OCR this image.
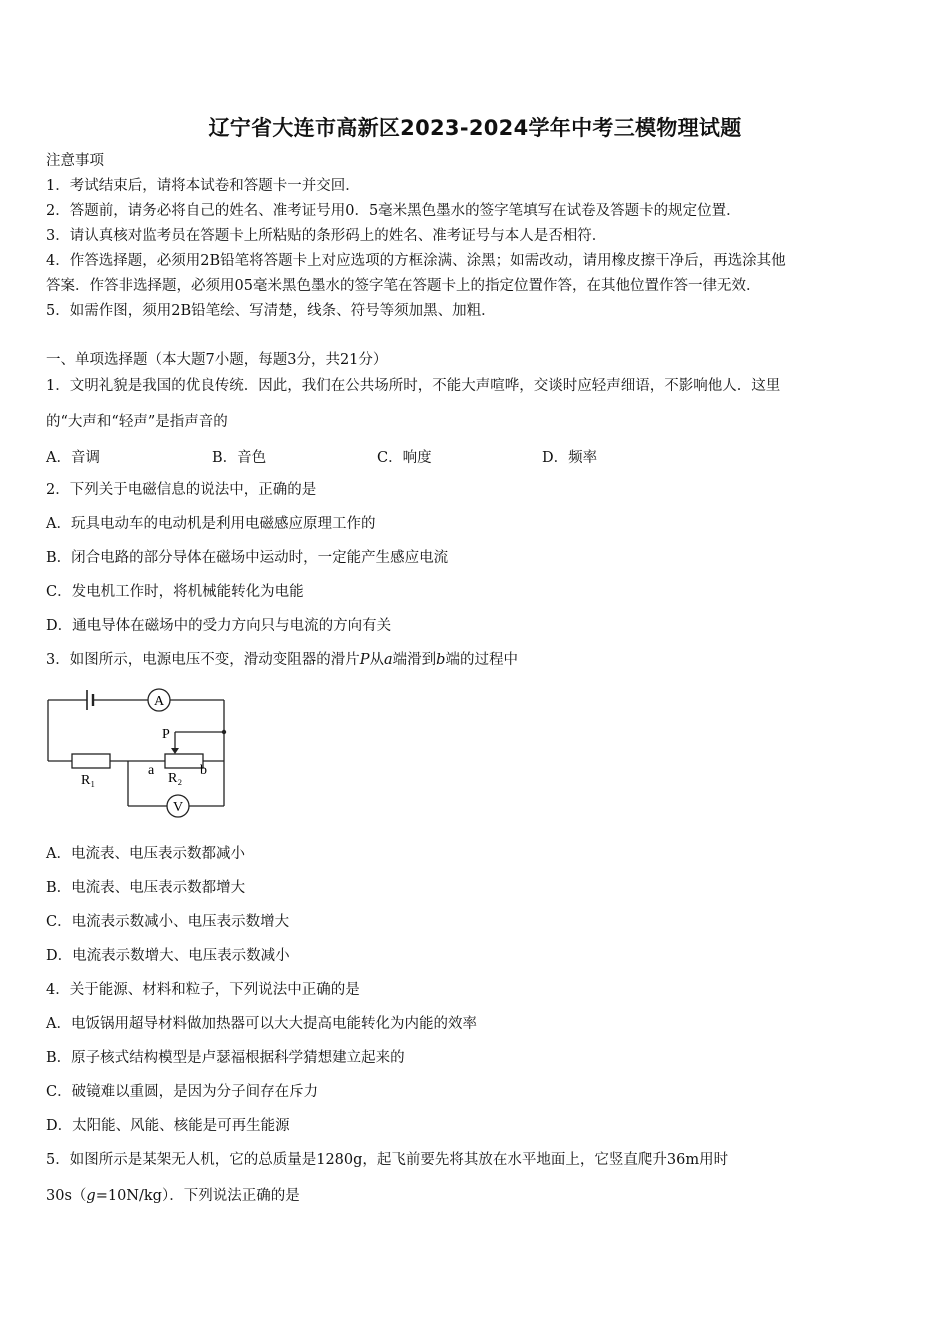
辽宁省大连市高新区2023-2024学年中考三模物理试题
注意事项
1．考试结束后，请将本试卷和答题卡一并交回．
2．答题前，请务必将自己的姓名、准考证号用0．5毫米黑色墨水的签字笔填写在试卷及答题卡的规定位置．
3．请认真核对监考员在答题卡上所粘贴的条形码上的姓名、准考证号与本人是否相符．
4．作答选择题，必须用2B铅笔将答题卡上对应选项的方框涂满、涂黑；如需改动，请用橡皮擦干净后，再选涂其他
答案．作答非选择题，必须用05毫米黑色墨水的签字笔在答题卡上的指定位置作答，在其他位置作答一律无效．
5．如需作图，须用2B铅笔绘、写清楚，线条、符号等须加黑、加粗．
一、单项选择题（本大题7小题，每题3分，共21分）
1．文明礼貌是我国的优良传统．因此，我们在公共场所时，不能大声喧哗，交谈时应轻声细语，不影响他人．这里
的“大声和“轻声”是指声音的
A．音调	B．音色	C．响度	D．频率
2．下列关于电磁信息的说法中，正确的是
A．玩具电动车的电动机是利用电磁感应原理工作的
B．闭合电路的部分导体在磁场中运动时，一定能产生感应电流
C．发电机工作时，将机械能转化为电能
D．通电导体在磁场中的受力方向只与电流的方向有关
3．如图所示，电源电压不变，滑动变阻器的滑片P从a端滑到b端的过程中
A
V
P
R₁	R₂
a	b
A．电流表、电压表示数都减小
B．电流表、电压表示数都增大
C．电流表示数减小、电压表示数增大
D．电流表示数增大、电压表示数减小
4．关于能源、材料和粒子，下列说法中正确的是
A．电饭锅用超导材料做加热器可以大大提高电能转化为内能的效率
B．原子核式结构模型是卢瑟福根据科学猜想建立起来的
C．破镜难以重圆，是因为分子间存在斥力
D．太阳能、风能、核能是可再生能源
5．如图所示是某架无人机，它的总质量是1280g，起飞前要先将其放在水平地面上，它竖直爬升36m用时
30s（g=10N/kg）．下列说法正确的是
